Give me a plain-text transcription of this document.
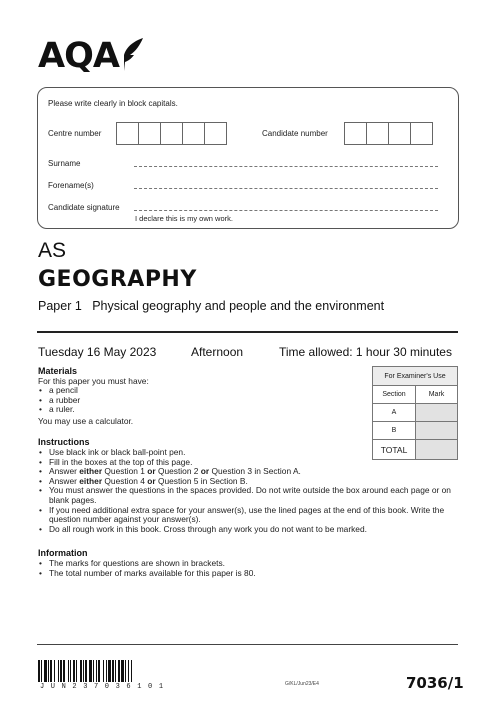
AQA
Please write clearly in block capitals.
Centre number	Candidate number
Surname
Forename(s)
Candidate signature
I declare this is my own work.
AS
GEOGRAPHY
Paper 1 Physical geography and people and the environment
Tuesday 16 May 2023	Afternoon	Time allowed: 1 hour 30 minutes
Materials
For this paper you must have:
• a pencil
• a rubber
• a ruler.
You may use a calculator.
For Examiner's Use	
Section	Mark
A	
B	
TOTAL	
Instructions
• Use black ink or black ball-point pen.
• Fill in the boxes at the top of this page.
• Answer either Question 1 or Question 2 or Question 3 in Section A.
• Answer either Question 4 or Question 5 in Section B.
• You must answer the questions in the spaces provided. Do not write outside the box around each page or on blank pages.
• If you need additional extra space for your answer(s), use the lined pages at the end of this book. Write the question number against your answer(s).
• Do all rough work in this book. Cross through any work you do not want to be marked.
Information
• The marks for questions are shown in brackets.
• The total number of marks available for this paper is 80.
J U N 2 3 7 0 3 6 1 0 1	G/KL/Jun23/E4	7036/1
